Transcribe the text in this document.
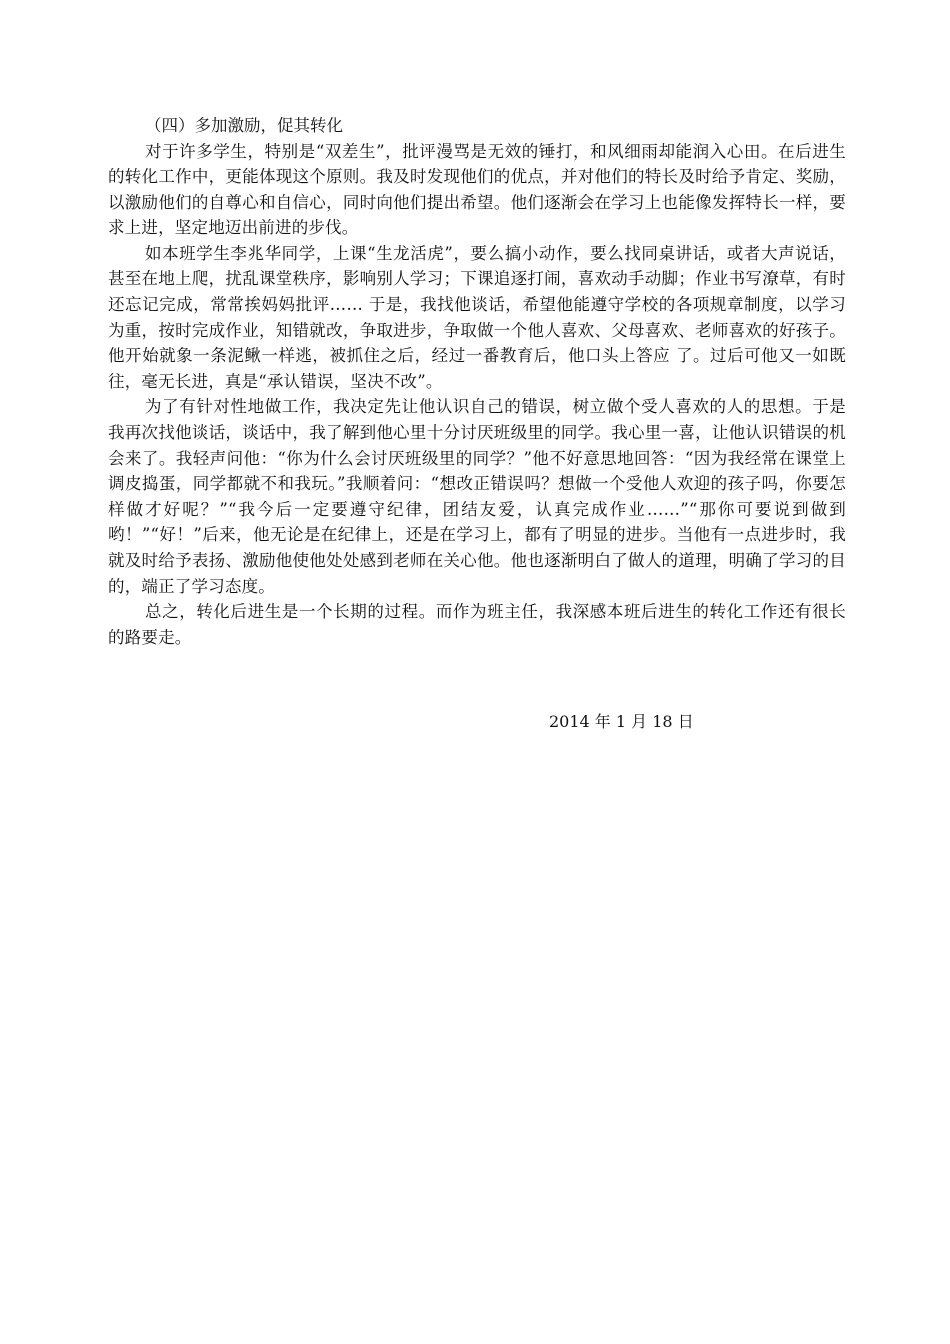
（四）多加激励，促其转化

对于许多学生，特别是“双差生”，批评漫骂是无效的锤打，和风细雨却能润入心田。在后进生的转化工作中，更能体现这个原则。我及时发现他们的优点，并对他们的特长及时给予肯定、奖励，以激励他们的自尊心和自信心，同时向他们提出希望。他们逐渐会在学习上也能像发挥特长一样，要求上进，坚定地迈出前进的步伐。

如本班学生李兆华同学，上课“生龙活虎”，要么搞小动作，要么找同桌讲话，或者大声说话，甚至在地上爬，扰乱课堂秩序，影响别人学习；下课追逐打闹，喜欢动手动脚；作业书写潦草，有时还忘记完成，常常挨妈妈批评…… 于是，我找他谈话，希望他能遵守学校的各项规章制度，以学习为重，按时完成作业，知错就改，争取进步，争取做一个他人喜欢、父母喜欢、老师喜欢的好孩子。他开始就象一条泥鳅一样逃，被抓住之后，经过一番教育后，他口头上答应 了。过后可他又一如既往，毫无长进，真是“承认错误，坚决不改”。

为了有针对性地做工作，我决定先让他认识自己的错误，树立做个受人喜欢的人的思想。于是我再次找他谈话，谈话中，我了解到他心里十分讨厌班级里的同学。我心里一喜，让他认识错误的机会来了。我轻声问他：“你为什么会讨厌班级里的同学？”他不好意思地回答：“因为我经常在课堂上调皮捣蛋，同学都就不和我玩。”我顺着问：“想改正错误吗？想做一个受他人欢迎的孩子吗，你要怎样做才好呢？”“我今后一定要遵守纪律，团结友爱，认真完成作业……”“那你可要说到做到哟！”“好！”后来，他无论是在纪律上，还是在学习上，都有了明显的进步。当他有一点进步时，我就及时给予表扬、激励他使他处处感到老师在关心他。他也逐渐明白了做人的道理，明确了学习的目的，端正了学习态度。

总之，转化后进生是一个长期的过程。而作为班主任，我深感本班后进生的转化工作还有很长的路要走。

2014 年 1 月 18 日
